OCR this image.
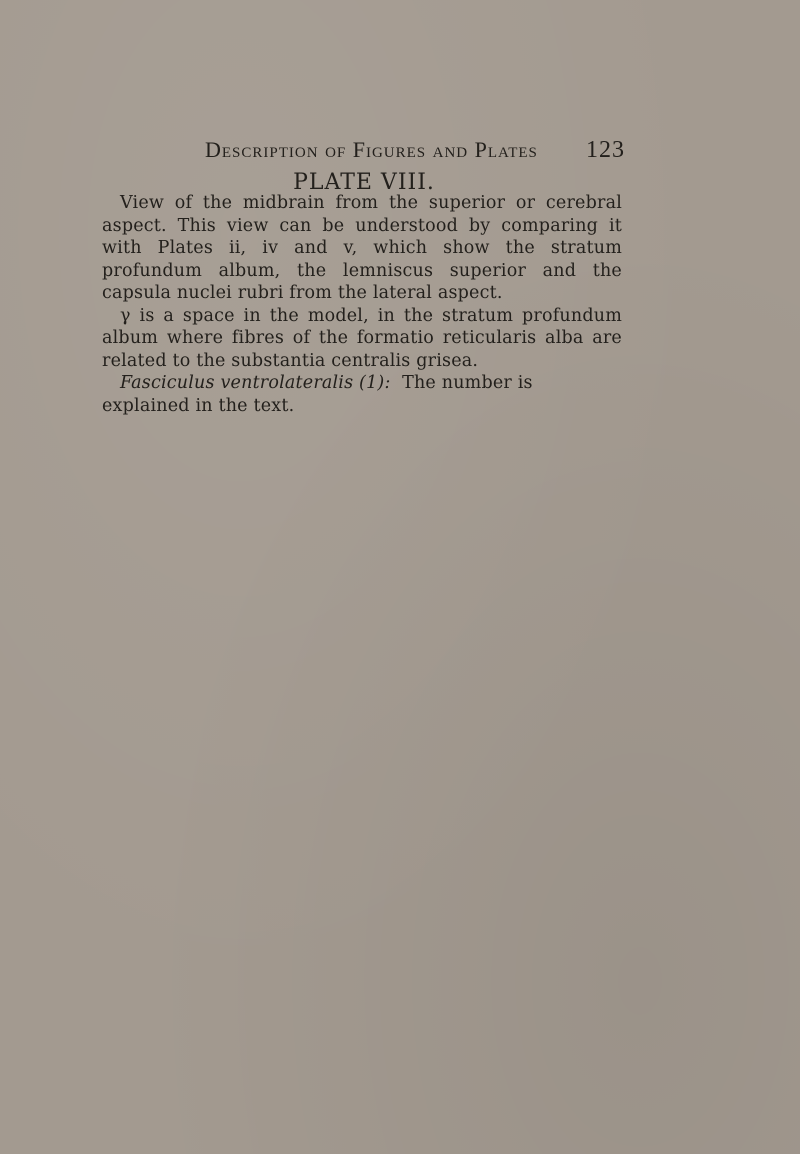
Description of Figures and Plates 123
PLATE VIII.

View of the midbrain from the superior or cerebral aspect. This view can be understood by comparing it with Plates ii, iv and v, which show the stratum profundum album, the lemniscus superior and the capsula nuclei rubri from the lateral aspect.

γ is a space in the model, in the stratum profundum album where fibres of the formatio reticularis alba are related to the substantia centralis grisea.

Fasciculus ventrolateralis (1): The number is explained in the text.
